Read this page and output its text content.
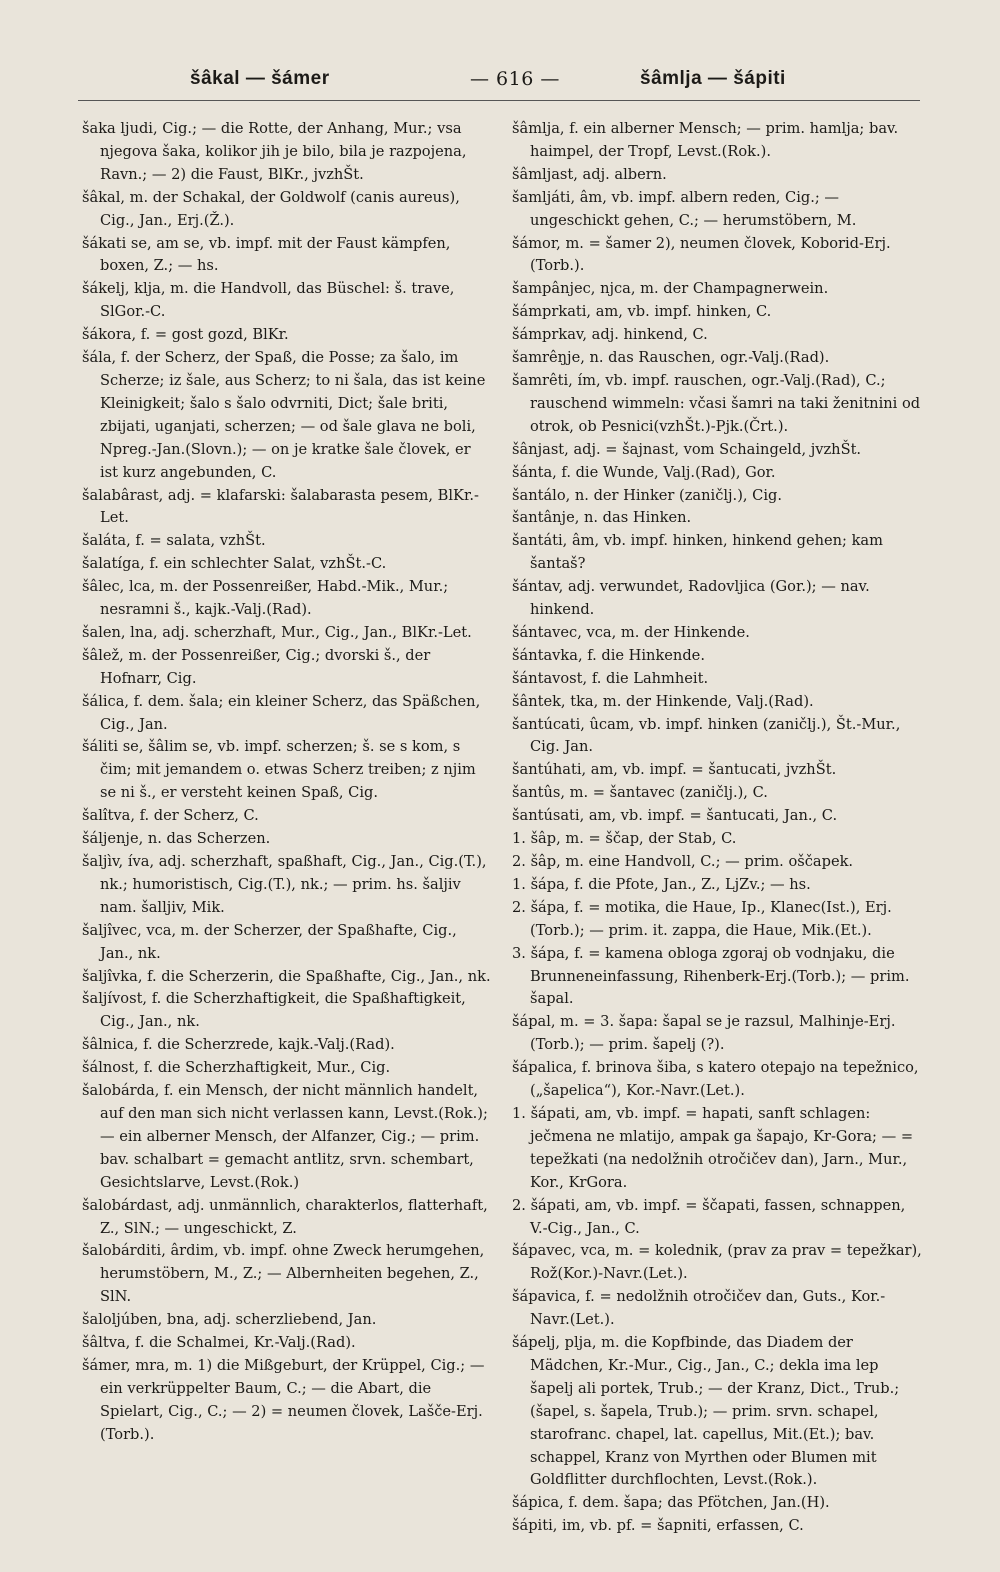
šâkal — šámer	— 616 —	šâmlja — šápiti

šaka ljudi, Cig.; — die Rotte, der Anhang, Mur.; vsa njegova šaka, kolikor jih je bilo, bila je razpojena, Ravn.; — 2) die Faust, BlKr., jvzhŠt.

šâkal, m. der Schakal, der Goldwolf (canis aureus), Cig., Jan., Erj.(Ž.).

šákati se, am se, vb. impf. mit der Faust kämpfen, boxen, Z.; — hs.

šákelj, klja, m. die Handvoll, das Büschel: š. trave, SlGor.-C.

šákora, f. = gost gozd, BlKr.

šála, f. der Scherz, der Spaß, die Posse; za šalo, im Scherze; iz šale, aus Scherz; to ni šala, das ist keine Kleinigkeit; šalo s šalo odvrniti, Dict; šale briti, zbijati, uganjati, scherzen; — od šale glava ne boli, Npreg.-Jan.(Slovn.); — on je kratke šale človek, er ist kurz angebunden, C.

šalabârast, adj. = klafarski: šalabarasta pesem, BlKr.-Let.

šaláta, f. = salata, vzhŠt.

šalatíga, f. ein schlechter Salat, vzhŠt.-C.

šâlec, lca, m. der Possenreißer, Habd.-Mik., Mur.; nesramni š., kajk.-Valj.(Rad).

šalen, lna, adj. scherzhaft, Mur., Cig., Jan., BlKr.-Let.

šâlež, m. der Possenreißer, Cig.; dvorski š., der Hofnarr, Cig.

šálica, f. dem. šala; ein kleiner Scherz, das Späßchen, Cig., Jan.

šáliti se, šâlim se, vb. impf. scherzen; š. se s kom, s čim; mit jemandem o. etwas Scherz treiben; z njim se ni š., er versteht keinen Spaß, Cig.

šalîtva, f. der Scherz, C.

šáljenje, n. das Scherzen.

šaljìv, íva, adj. scherzhaft, spaßhaft, Cig., Jan., Cig.(T.), nk.; humoristisch, Cig.(T.), nk.; — prim. hs. šaljiv nam. šalljiv, Mik.

šaljîvec, vca, m. der Scherzer, der Spaßhafte, Cig., Jan., nk.

šaljîvka, f. die Scherzerin, die Spaßhafte, Cig., Jan., nk.

šaljívost, f. die Scherzhaftigkeit, die Spaßhaftigkeit, Cig., Jan., nk.

šâlnica, f. die Scherzrede, kajk.-Valj.(Rad).

šálnost, f. die Scherzhaftigkeit, Mur., Cig.

šalobárda, f. ein Mensch, der nicht männlich handelt, auf den man sich nicht verlassen kann, Levst.(Rok.); — ein alberner Mensch, der Alfanzer, Cig.; — prim. bav. schalbart = gemacht antlitz, srvn. schembart, Gesichtslarve, Levst.(Rok.)

šalobárdast, adj. unmännlich, charakterlos, flatterhaft, Z., SlN.; — ungeschickt, Z.

šalobárditi, ârdim, vb. impf. ohne Zweck herumgehen, herumstöbern, M., Z.; — Albernheiten begehen, Z., SlN.

šaloljúben, bna, adj. scherzliebend, Jan.

šâltva, f. die Schalmei, Kr.-Valj.(Rad).

šámer, mra, m. 1) die Mißgeburt, der Krüppel, Cig.; — ein verkrüppelter Baum, C.; — die Abart, die Spielart, Cig., C.; — 2) = neumen človek, Lašče-Erj.(Torb.).

šâmlja, f. ein alberner Mensch; — prim. hamlja; bav. haimpel, der Tropf, Levst.(Rok.).

šâmljast, adj. albern.

šamljáti, âm, vb. impf. albern reden, Cig.; — ungeschickt gehen, C.; — herumstöbern, M.

šámor, m. = šamer 2), neumen človek, Koborid-Erj.(Torb.).

šampânjec, njca, m. der Champagnerwein.

šámprkati, am, vb. impf. hinken, C.

šámprkav, adj. hinkend, C.

šamrêŋje, n. das Rauschen, ogr.-Valj.(Rad).

šamrêti, ím, vb. impf. rauschen, ogr.-Valj.(Rad), C.; rauschend wimmeln: včasi šamri na taki ženitnini od otrok, ob Pesnici(vzhŠt.)-Pjk.(Črt.).

šânjast, adj. = šajnast, vom Schaingeld, jvzhŠt.

šánta, f. die Wunde, Valj.(Rad), Gor.

šantálo, n. der Hinker (zaničlj.), Cig.

šantânje, n. das Hinken.

šantáti, âm, vb. impf. hinken, hinkend gehen; kam šantaš?

šántav, adj. verwundet, Radovljica (Gor.); — nav. hinkend.

šántavec, vca, m. der Hinkende.

šántavka, f. die Hinkende.

šántavost, f. die Lahmheit.

šântek, tka, m. der Hinkende, Valj.(Rad).

šantúcati, ûcam, vb. impf. hinken (zaničlj.), Št.-Mur., Cig. Jan.

šantúhati, am, vb. impf. = šantucati, jvzhŠt.

šantûs, m. = šantavec (zaničlj.), C.

šantúsati, am, vb. impf. = šantucati, Jan., C.

1. šâp, m. = ščap, der Stab, C.

2. šâp, m. eine Handvoll, C.; — prim. oščapek.

1. šápa, f. die Pfote, Jan., Z., LjZv.; — hs.

2. šápa, f. = motika, die Haue, Ip., Klanec(Ist.), Erj.(Torb.); — prim. it. zappa, die Haue, Mik.(Et.).

3. šápa, f. = kamena obloga zgoraj ob vodnjaku, die Brunneneinfassung, Rihenberk-Erj.(Torb.); — prim. šapal.

šápal, m. = 3. šapa: šapal se je razsul, Malhinje-Erj.(Torb.); — prim. šapelj (?).

šápalica, f. brinova šiba, s katero otepajo na tepežnico, („šapelica“), Kor.-Navr.(Let.).

1. šápati, am, vb. impf. = hapati, sanft schlagen: ječmena ne mlatijo, ampak ga šapajo, Kr-Gora; — = tepežkati (na nedolžnih otročičev dan), Jarn., Mur., Kor., KrGora.

2. šápati, am, vb. impf. = ščapati, fassen, schnappen, V.-Cig., Jan., C.

šápavec, vca, m. = kolednik, (prav za prav = tepežkar), Rož(Kor.)-Navr.(Let.).

šápavica, f. = nedolžnih otročičev dan, Guts., Kor.-Navr.(Let.).

šápelj, plja, m. die Kopfbinde, das Diadem der Mädchen, Kr.-Mur., Cig., Jan., C.; dekla ima lep šapelj ali portek, Trub.; — der Kranz, Dict., Trub.; (šapel, s. šapela, Trub.); — prim. srvn. schapel, starofranc. chapel, lat. capellus, Mit.(Et.); bav. schappel, Kranz von Myrthen oder Blumen mit Goldflitter durchflochten, Levst.(Rok.).

šápica, f. dem. šapa; das Pfötchen, Jan.(H).

šápiti, im, vb. pf. = šapniti, erfassen, C.
